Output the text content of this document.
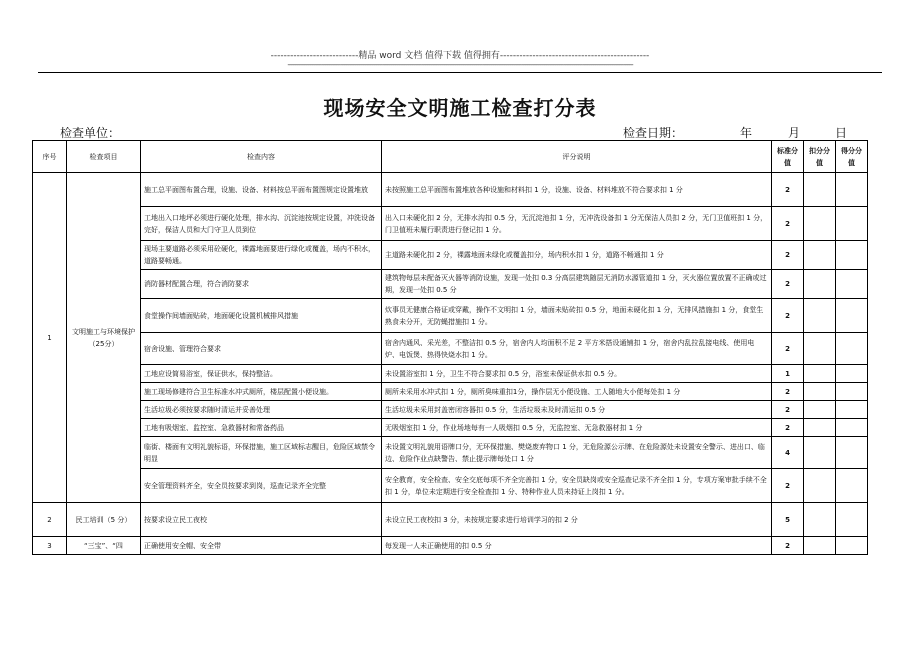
---------------------------精品 word 文档 值得下载 值得拥有----------------------------------------------
---------------------------------------------------------------------------------------------------------------------------------------------------------------------------------------
现场安全文明施工检查打分表
检查单位：	检查日期：	年	月	日
序号	检查项目	检查内容	评分说明	标准分值	扣分分值	得分分值
1	文明施工与环境保护（25分）	施工总平面图布置合理，设施、设备、材料按总平面布置图规定设置堆放	未按照施工总平面图布置堆放各种设施和材料扣 1 分，设施、设备、材料堆放不符合要求扣 1 分	2		
		工地出入口地坪必须进行硬化处理，排水沟、沉淀池按规定设置，冲洗设备完好，保洁人员和大门守卫人员到位	出入口未硬化扣 2 分，无排水沟扣 0.5 分，无沉淀池扣 1 分，无冲洗设备扣 1 分无保洁人员扣 2 分，无门卫值班扣 1 分，门卫值班未履行职责进行登记扣 1 分。	2		
		现场主要道路必须采用砼硬化，裸露地面要进行绿化或覆盖，场内不积水，道路要畅通。	主道路未硬化扣 2 分，裸露地面未绿化或覆盖扣分，场内积水扣 1 分，道路不畅通扣 1 分	2		
		消防器材配置合理，符合消防要求	建筑物每层未配备灭火器等消防设施，发现一处扣 0.3 分高层建筑随层无消防水源管道扣 1 分，灭火器位置放置不正确或过期，发现一处扣 0.5 分	2		
		食堂操作间墙面贴砖，地面硬化设置机械排风措施	炊事员无健康合格证或穿戴，操作不文明扣 1 分，墙面未贴砖扣 0.5 分，地面未硬化扣 1 分，无排风措施扣 1 分，食堂生熟食未分开，无防蝇措施扣 1 分。	2		
		宿舍设施、管理符合要求	宿舍内通风、采光差，不整洁扣 0.5 分，宿舍内人均面积不足 2 平方米搭设通铺扣 1 分，宿舍内乱拉乱接电线、使用电炉、电饭煲、热得快烧水扣 1 分。	2		
		工地应设简易浴室，保证供水，保持整洁。	未设置浴室扣 1 分，卫生不符合要求扣 0.5 分，浴室未保证供水扣 0.5 分。	1		
		施工现场修建符合卫生标准水冲式厕所，楼层配置小便设施。	厕所未采用水冲式扣 1 分，厕所臭味重扣1分，操作层无小便设施、工人随地大小便每处扣 1 分	2		
		生活垃圾必须按要求随时清运并妥善处理	生活垃圾未采用封盖密闭容器扣 0.5 分，生活垃圾未及时清运扣 0.5 分	2		
		工地有吸烟室、监控室、急救器材和常备药品	无吸烟室扣 1 分，作业场地每有一人吸烟扣 0.5 分，无监控室、无急救器材扣 1 分	2		
		临街、楼面有文明礼貌标语，环保措施，施工区域标志醒目，危险区域禁令明显	未设置文明礼貌用语牌口分，无环保措施、樊烧废弃物口 1 分，无危险源公示牌、在危险源处未设置安全警示、进出口、临边、危险作业点缺警告、禁止提示牌每处口 1 分	4		
		安全管理资料齐全，安全员按要求到岗，巡查记录齐全完整	安全教育，安全检查、安全交底每项不齐全完善扣 1 分，安全员缺岗或安全巡查记录不齐全扣 1 分，专项方案审批手续不全扣 1 分，单位未定期进行安全检查扣 1 分、特种作业人员未持证上岗扣 1 分。	2		
2	民工培训（5 分）	按要求设立民工夜校	未设立民工夜校扣 3 分，未按规定要求进行培训学习的扣 2 分	5		
3	“三宝”、“四	正确使用安全帽、安全带	每发现一人未正确使用的扣 0.5 分	2		
